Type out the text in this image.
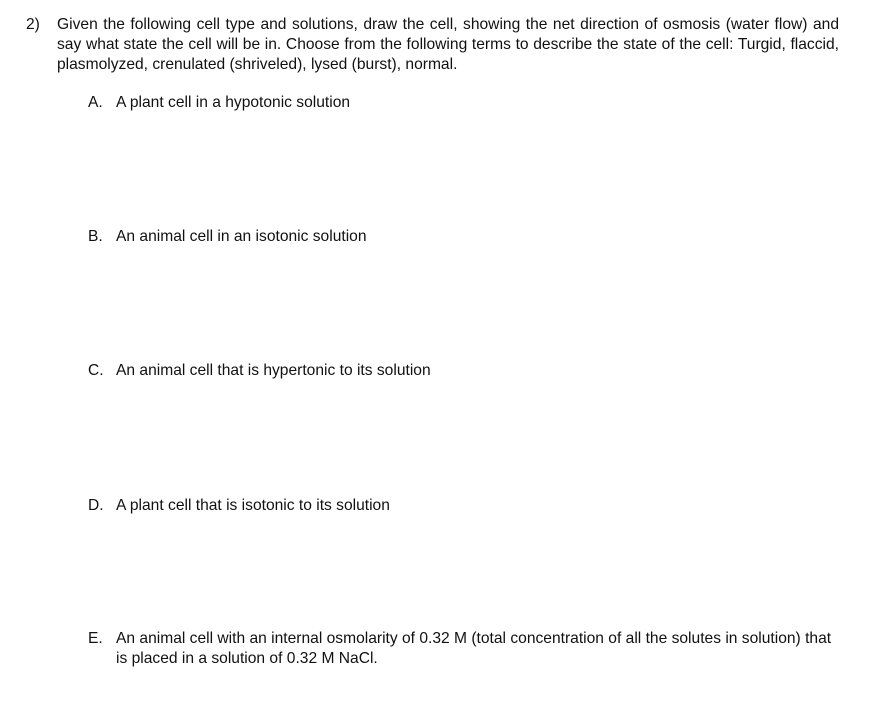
2) Given the following cell type and solutions, draw the cell, showing the net direction of osmosis (water flow) and say what state the cell will be in. Choose from the following terms to describe the state of the cell: Turgid, flaccid, plasmolyzed, crenulated (shriveled), lysed (burst), normal.
A. A plant cell in a hypotonic solution
B. An animal cell in an isotonic solution
C. An animal cell that is hypertonic to its solution
D. A plant cell that is isotonic to its solution
E. An animal cell with an internal osmolarity of 0.32 M (total concentration of all the solutes in solution) that is placed in a solution of 0.32 M NaCl.
